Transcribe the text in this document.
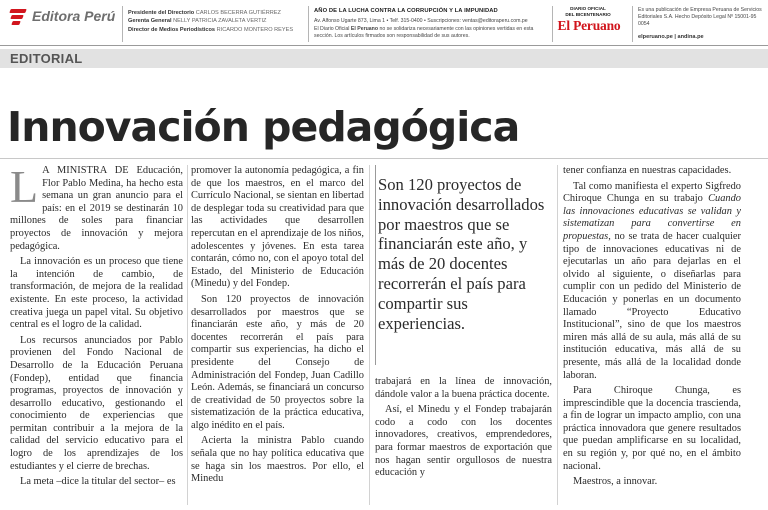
Editora Perú Presidente del Directorio CARLOS BECERRA GUTIÉRREZ
Gerenta General NELLY PATRICIA ZAVALETA VERTIZ
Director de Medios Periodísticos RICARDO MONTERO REYES
AÑO DE LA LUCHA CONTRA LA CORRUPCIÓN Y LA IMPUNIDAD
Av. Alfonso Ugarte 873, Lima 1 • Telf. 315-0400 • Suscripciones: ventas@editoraperu.com.pe
El Diario Oficial El Peruano no se solidariza necesariamente con las opiniones vertidas en esta sección. Los artículos firmados son responsabilidad de sus autores.
DIARIO OFICIAL
DEL BICENTENARIO
El Peruano
Es una publicación de Empresa Peruana de Servicios Editoriales S.A. Hecho Depósito Legal Nº 15001-95 0054
elperuano.pe | andina.pe
EDITORIAL
Innovación pedagógica

L A MINISTRA DE Educación, Flor Pablo Medina, ha hecho esta semana un gran anuncio para el país: en el 2019 se destinarán 10 millones de soles para financiar proyectos de innovación y mejora pedagógica.

La innovación es un proceso que tiene la intención de cambio, de transformación, de mejora de la realidad existente. En este proceso, la actividad creativa juega un papel vital. Su objetivo central es el logro de la calidad.

Los recursos anunciados por Pablo provienen del Fondo Nacional de Desarrollo de la Educación Peruana (Fondep), entidad que financia programas, proyectos de innovación y desarrollo educativo, gestionando el conocimiento de experiencias que permitan contribuir a la mejora de la calidad del servicio educativo para el logro de los aprendizajes de los estudiantes y el cierre de brechas.

La meta –dice la titular del sector– es

promover la autonomía pedagógica, a fin de que los maestros, en el marco del Currículo Nacional, se sientan en libertad de desplegar toda su creatividad para que las actividades que desarrollen repercutan en el aprendizaje de los niños, adolescentes y jóvenes. En esta tarea contarán, cómo no, con el apoyo total del Estado, del Ministerio de Educación (Minedu) y del Fondep.

Son 120 proyectos de innovación desarrollados por maestros que se financiarán este año, y más de 20 docentes recorrerán el país para compartir sus experiencias, ha dicho el presidente del Consejo de Administración del Fondep, Juan Cadillo León. Además, se financiará un concurso de creatividad de 50 proyectos sobre la sistematización de la práctica educativa, algo inédito en el país.

Acierta la ministra Pablo cuando señala que no hay política educativa que se haga sin los maestros. Por ello, el Minedu

Son 120 proyectos de innovación desarrollados por maestros que se financiarán este año, y más de 20 docentes recorrerán el país para compartir sus experiencias.

trabajará en la línea de innovación, dándole valor a la buena práctica docente.

Así, el Minedu y el Fondep trabajarán codo a codo con los docentes innovadores, creativos, emprendedores, para formar maestros de exportación que nos hagan sentir orgullosos de nuestra educación y

tener confianza en nuestras capacidades.

Tal como manifiesta el experto Sigfredo Chiroque Chunga en su trabajo Cuando las innovaciones educativas se validan y sistematizan para convertirse en propuestas, no se trata de hacer cualquier tipo de innovaciones educativas ni de ejecutarlas un año para dejarlas en el olvido al siguiente, o diseñarlas para cumplir con un pedido del Ministerio de Educación y ponerlas en un documento llamado “Proyecto Educativo Institucional”, sino de que los maestros miren más allá de su aula, más allá de su institución educativa, más allá de su presente, más allá de la localidad donde laboran.

Para Chiroque Chunga, es imprescindible que la docencia trascienda, a fin de lograr un impacto amplio, con una práctica innovadora que genere resultados que puedan amplificarse en su localidad, en su región y, por qué no, en el ámbito nacional.

Maestros, a innovar.
